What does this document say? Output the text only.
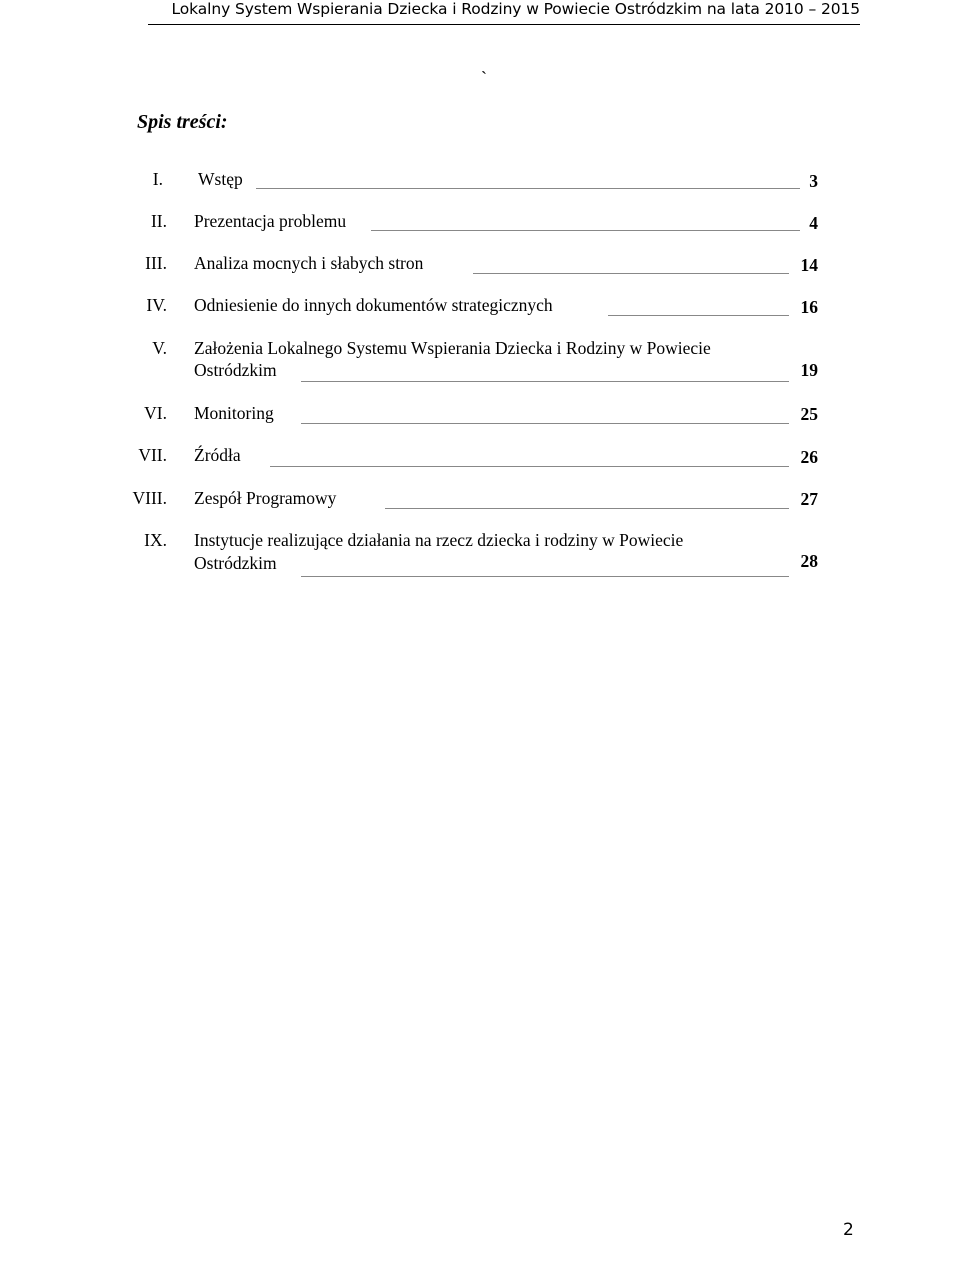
Lokalny System Wspierania Dziecka i Rodziny w Powiecie Ostródzkim na lata 2010 – 2015
`
Spis treści:
I. Wstęp	3
II. Prezentacja problemu	4
III. Analiza mocnych i słabych stron	14
IV. Odniesienie do innych dokumentów strategicznych	16
V. Założenia Lokalnego Systemu Wspierania Dziecka i Rodziny w Powiecie
Ostródzkim	19
VI. Monitoring	25
VII. Źródła	26
VIII. Zespół Programowy	27
IX. Instytucje realizujące działania na rzecz dziecka i rodziny w Powiecie
Ostródzkim	28
2
